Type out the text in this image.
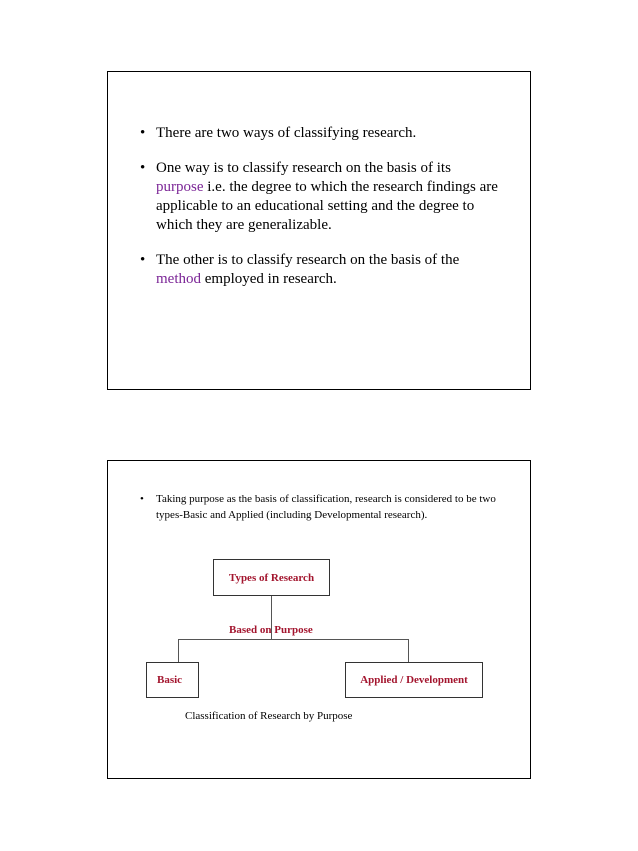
• There are two ways of classifying research.
• One way is to classify research on the basis of its purpose i.e. the degree to which the research findings are applicable to an educational setting and the degree to which they are generalizable.
• The other is to classify research on the basis of the method employed in research.
• Taking purpose as the basis of classification, research is considered to be two types-Basic and Applied (including Developmental research).
Types of Research
Based on Purpose
Basic	Applied / Development
Classification of Research by Purpose
